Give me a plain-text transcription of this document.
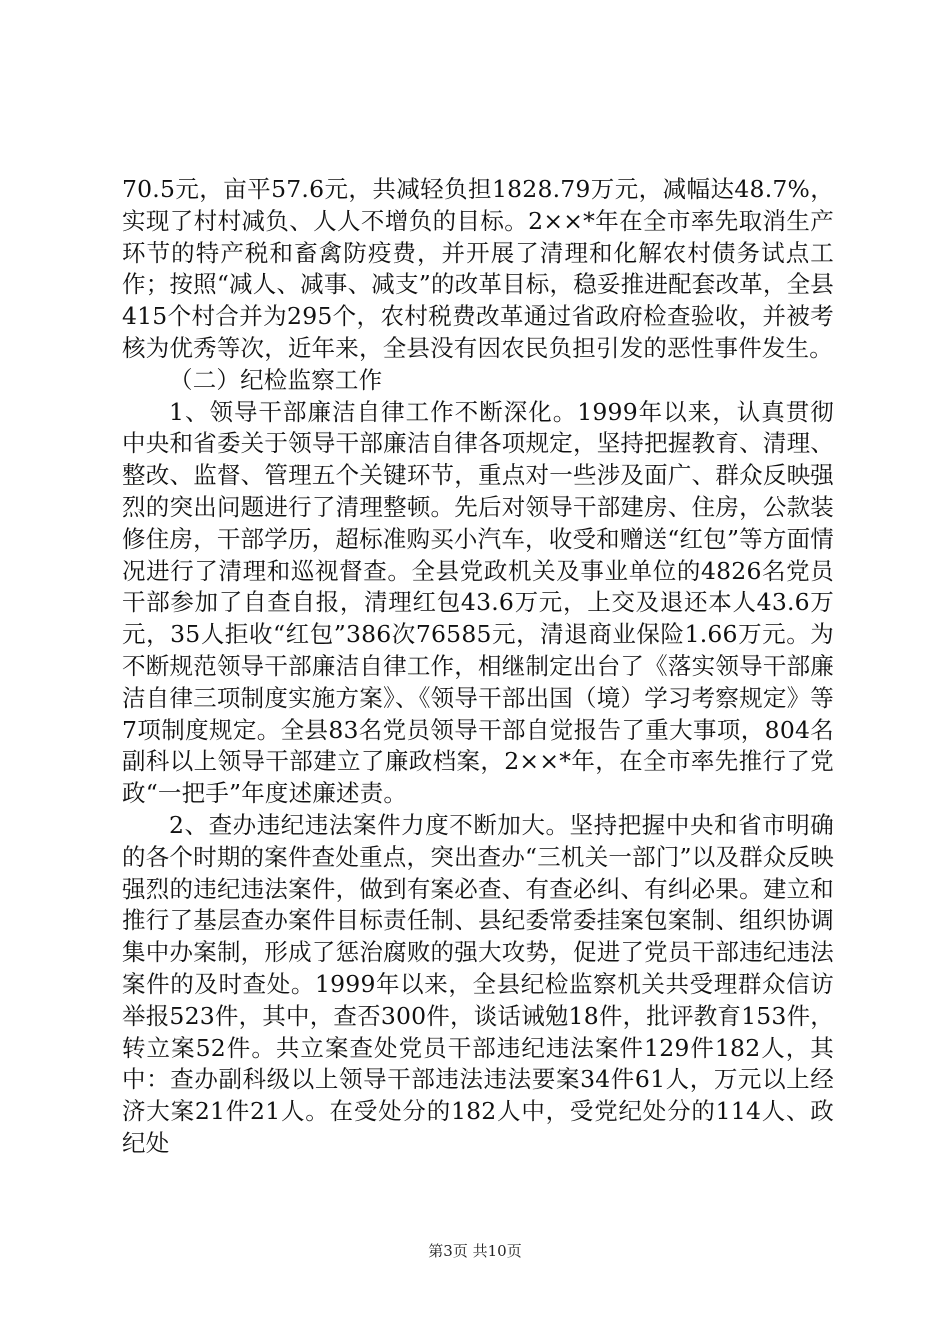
70.5元，亩平57.6元，共减轻负担1828.79万元，减幅达48.7%，实现了村村减负、人人不增负的目标。2××*年在全市率先取消生产环节的特产税和畜禽防疫费，并开展了清理和化解农村债务试点工作；按照“减人、减事、减支”的改革目标，稳妥推进配套改革，全县415个村合并为295个，农村税费改革通过省政府检查验收，并被考核为优秀等次，近年来，全县没有因农民负担引发的恶性事件发生。

（二）纪检监察工作

1、领导干部廉洁自律工作不断深化。1999年以来，认真贯彻中央和省委关于领导干部廉洁自律各项规定，坚持把握教育、清理、整改、监督、管理五个关键环节，重点对一些涉及面广、群众反映强烈的突出问题进行了清理整顿。先后对领导干部建房、住房，公款装修住房，干部学历，超标准购买小汽车，收受和赠送“红包”等方面情况进行了清理和巡视督查。全县党政机关及事业单位的4826名党员干部参加了自查自报，清理红包43.6万元，上交及退还本人43.6万元，35人拒收“红包”386次76585元，清退商业保险1.66万元。为不断规范领导干部廉洁自律工作，相继制定出台了《落实领导干部廉洁自律三项制度实施方案》、《领导干部出国（境）学习考察规定》等7项制度规定。全县83名党员领导干部自觉报告了重大事项，804名副科以上领导干部建立了廉政档案，2××*年，在全市率先推行了党政“一把手”年度述廉述责。

2、查办违纪违法案件力度不断加大。坚持把握中央和省市明确的各个时期的案件查处重点，突出查办“三机关一部门”以及群众反映强烈的违纪违法案件，做到有案必查、有查必纠、有纠必果。建立和推行了基层查办案件目标责任制、县纪委常委挂案包案制、组织协调集中办案制，形成了惩治腐败的强大攻势，促进了党员干部违纪违法案件的及时查处。1999年以来，全县纪检监察机关共受理群众信访举报523件，其中，查否300件，谈话诫勉18件，批评教育153件，转立案52件。共立案查处党员干部违纪违法案件129件182人，其中：查办副科级以上领导干部违法违法要案34件61人，万元以上经济大案21件21人。在受处分的182人中，受党纪处分的114人、政纪处

第3页 共10页
